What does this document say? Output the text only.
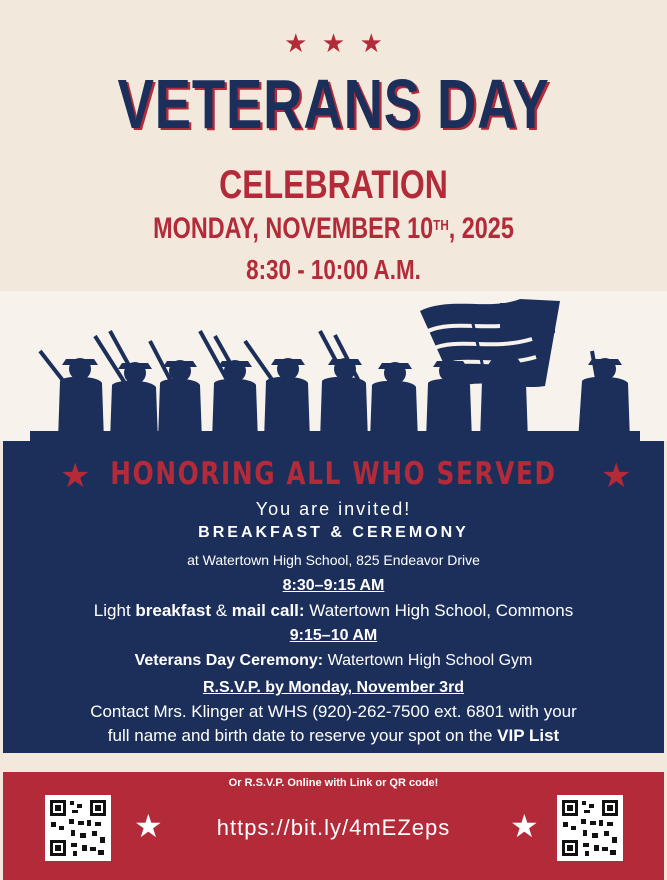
★ ★ ★
VETERANS DAY
CELEBRATION
MONDAY, NOVEMBER 10TH, 2025
8:30 - 10:00 A.M.
★	★
HONORING ALL WHO SERVED
You are invited!
BREAKFAST & CEREMONY
at Watertown High School, 825 Endeavor Drive
8:30–9:15 AM
Light breakfast & mail call: Watertown High School, Commons
9:15–10 AM
Veterans Day Ceremony: Watertown High School Gym
R.S.V.P. by Monday, November 3rd
Contact Mrs. Klinger at WHS (920)-262-7500 ext. 6801 with your
full name and birth date to reserve your spot on the VIP List
Or R.S.V.P. Online with Link or QR code!
★	https://bit.ly/4mEZeps	★
